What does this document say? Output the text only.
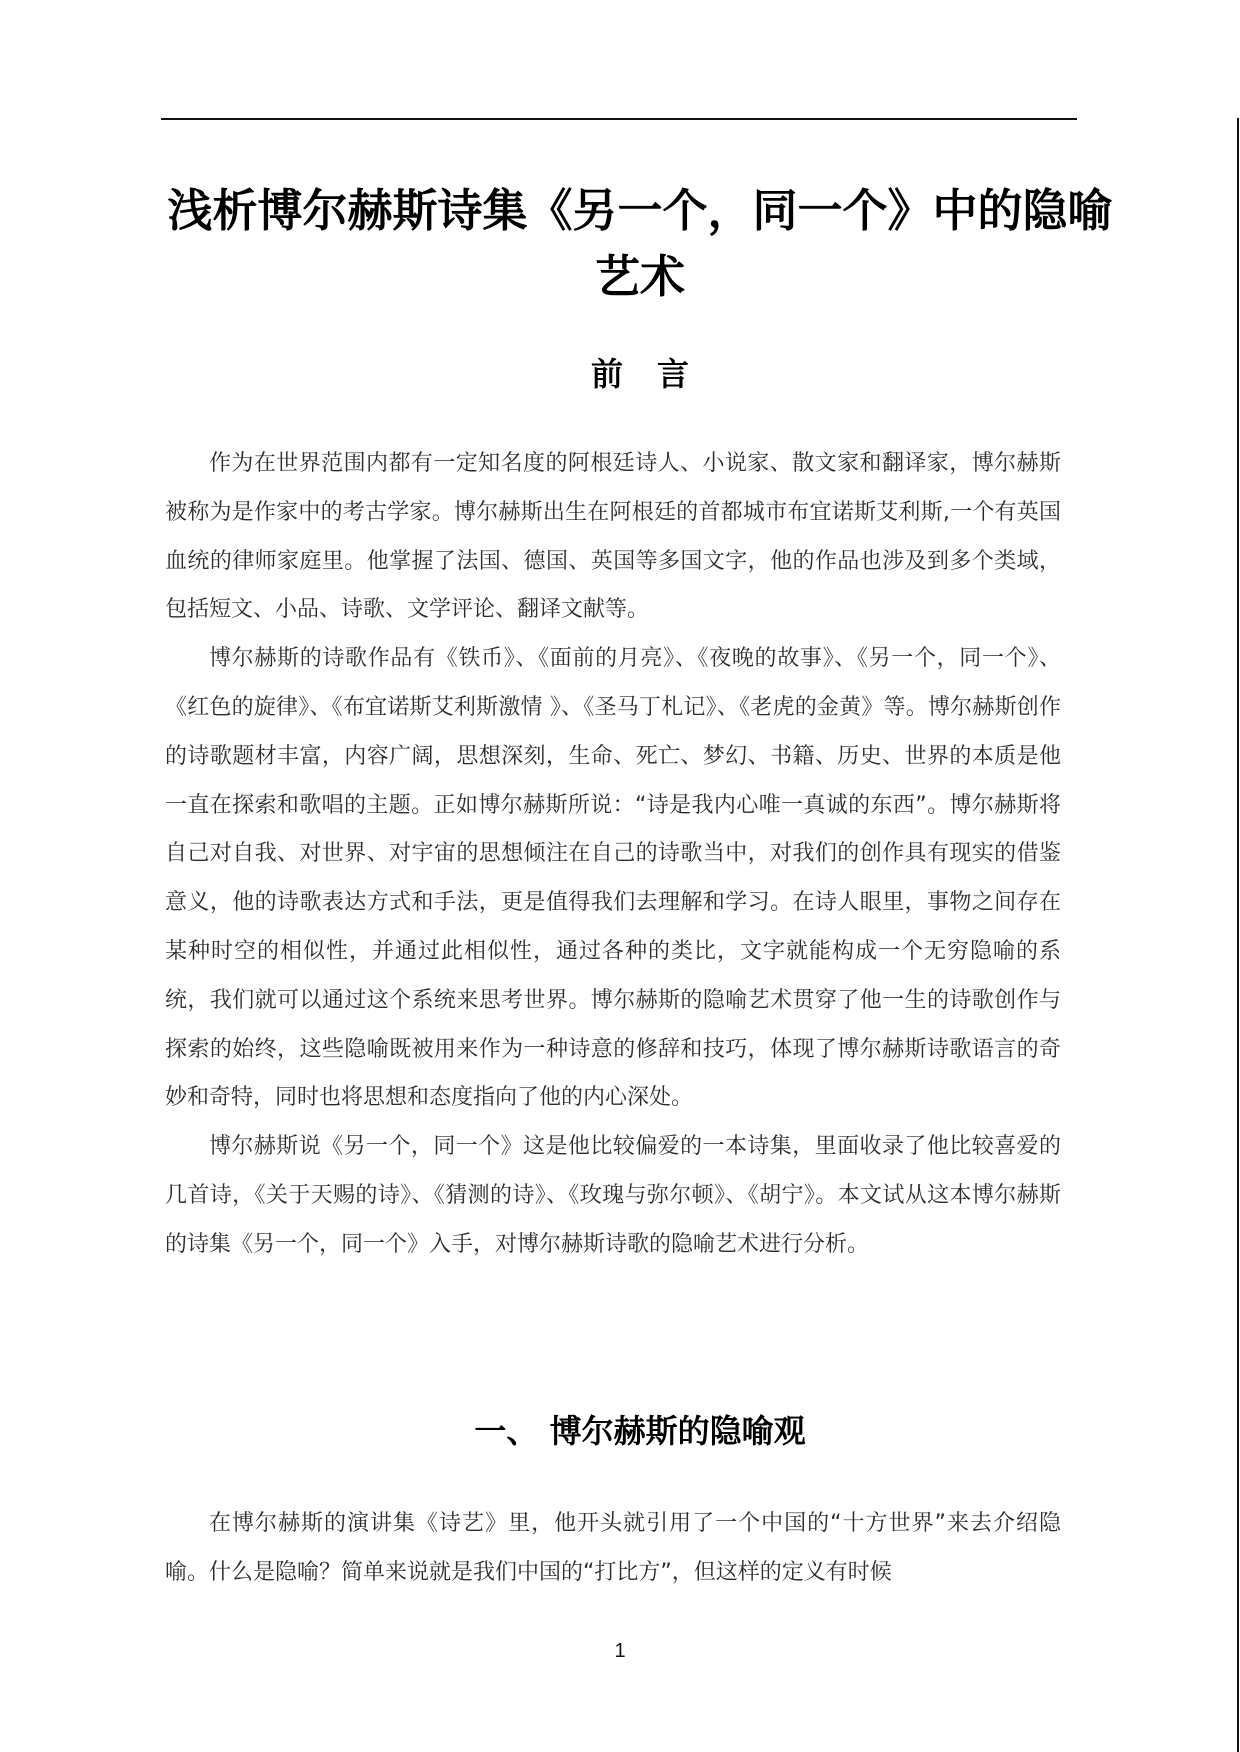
浅析博尔赫斯诗集《另一个，同一个》中的隐喻艺术
前 言

作为在世界范围内都有一定知名度的阿根廷诗人、小说家、散文家和翻译家，博尔赫斯被称为是作家中的考古学家。博尔赫斯出生在阿根廷的首都城市布宜诺斯艾利斯,一个有英国血统的律师家庭里。他掌握了法国、德国、英国等多国文字，他的作品也涉及到多个类域，包括短文、小品、诗歌、文学评论、翻译文献等。

博尔赫斯的诗歌作品有《铁币》、《面前的月亮》、《夜晚的故事》、《另一个，同一个》、《红色的旋律》、《布宜诺斯艾利斯激情 》、《圣马丁札记》、《老虎的金黄》等。博尔赫斯创作的诗歌题材丰富，内容广阔，思想深刻，生命、死亡、梦幻、书籍、历史、世界的本质是他一直在探索和歌唱的主题。正如博尔赫斯所说：“诗是我内心唯一真诚的东西”。博尔赫斯将自己对自我、对世界、对宇宙的思想倾注在自己的诗歌当中，对我们的创作具有现实的借鉴意义，他的诗歌表达方式和手法，更是值得我们去理解和学习。在诗人眼里，事物之间存在某种时空的相似性，并通过此相似性，通过各种的类比，文字就能构成一个无穷隐喻的系统，我们就可以通过这个系统来思考世界。博尔赫斯的隐喻艺术贯穿了他一生的诗歌创作与探索的始终，这些隐喻既被用来作为一种诗意的修辞和技巧，体现了博尔赫斯诗歌语言的奇妙和奇特，同时也将思想和态度指向了他的内心深处。

博尔赫斯说《另一个，同一个》这是他比较偏爱的一本诗集，里面收录了他比较喜爱的几首诗，《关于天赐的诗》、《猜测的诗》、《玫瑰与弥尔顿》、《胡宁》。本文试从这本博尔赫斯的诗集《另一个，同一个》入手，对博尔赫斯诗歌的隐喻艺术进行分析。

一、 博尔赫斯的隐喻观

在博尔赫斯的演讲集《诗艺》里，他开头就引用了一个中国的“十方世界”来去介绍隐喻。什么是隐喻？简单来说就是我们中国的“打比方”，但这样的定义有时候

1
